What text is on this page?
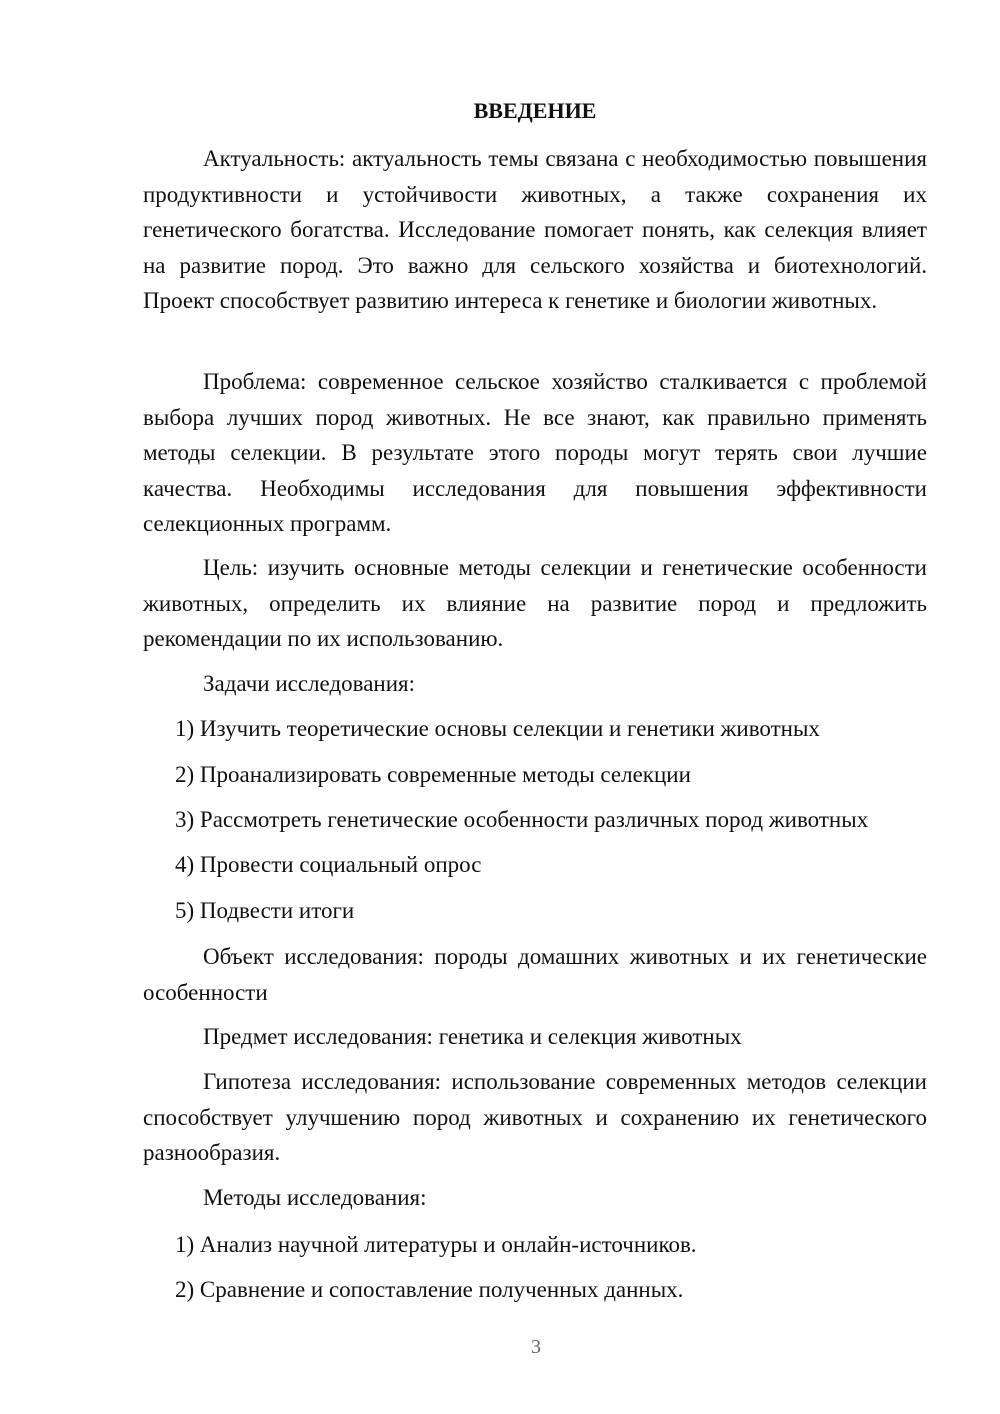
ВВЕДЕНИЕ

Актуальность: актуальность темы связана с необходимостью повышения продуктивности и устойчивости животных, а также сохранения их генетического богатства. Исследование помогает понять, как селекция влияет на развитие пород. Это важно для сельского хозяйства и биотехнологий. Проект способствует развитию интереса к генетике и биологии животных.

Проблема: современное сельское хозяйство сталкивается с проблемой выбора лучших пород животных. Не все знают, как правильно применять методы селекции. В результате этого породы могут терять свои лучшие качества. Необходимы исследования для повышения эффективности селекционных программ.

Цель: изучить основные методы селекции и генетические особенности животных, определить их влияние на развитие пород и предложить рекомендации по их использованию.

Задачи исследования:

1) Изучить теоретические основы селекции и генетики животных

2) Проанализировать современные методы селекции

3) Рассмотреть генетические особенности различных пород животных

4) Провести социальный опрос

5) Подвести итоги

Объект исследования: породы домашних животных и их генетические особенности

Предмет исследования: генетика и селекция животных

Гипотеза исследования: использование современных методов селекции способствует улучшению пород животных и сохранению их генетического разнообразия.

Методы исследования:

1) Анализ научной литературы и онлайн-источников.

2) Сравнение и сопоставление полученных данных.

3
